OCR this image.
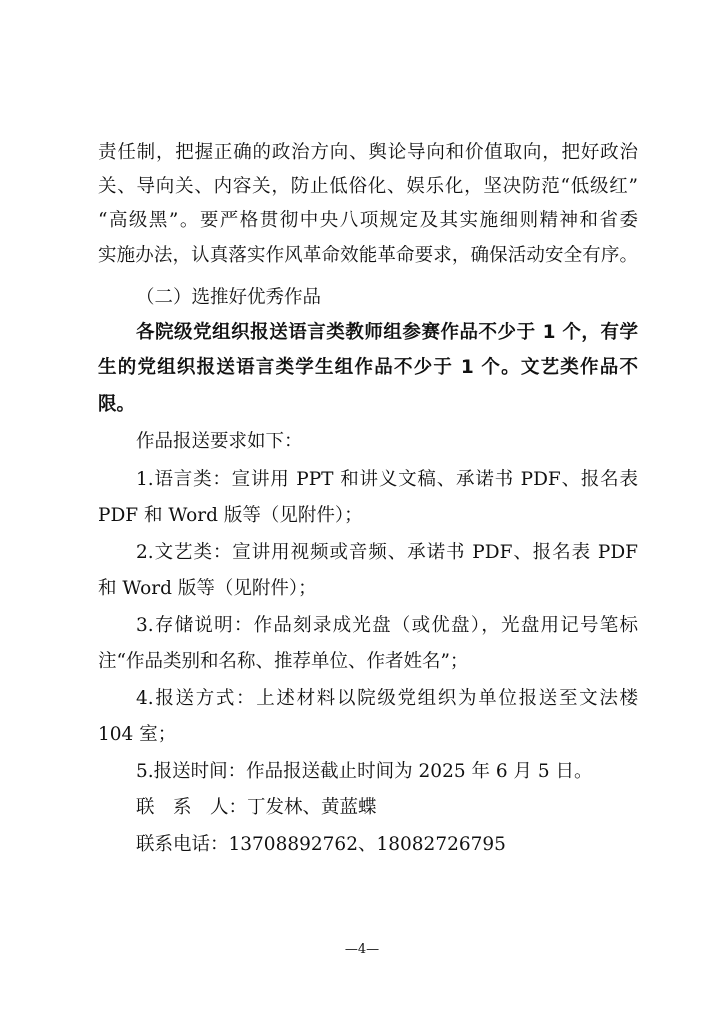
责任制，把握正确的政治方向、舆论导向和价值取向，把好政治
关、导向关、内容关，防止低俗化、娱乐化，坚决防范“低级红”
“高级黑”。要严格贯彻中央八项规定及其实施细则精神和省委
实施办法，认真落实作风革命效能革命要求，确保活动安全有序。
（二）选推好优秀作品
各院级党组织报送语言类教师组参赛作品不少于 1 个，有学
生的党组织报送语言类学生组作品不少于 1 个。文艺类作品不
限。
作品报送要求如下：
1.语言类：宣讲用 PPT 和讲义文稿、承诺书 PDF、报名表
PDF 和 Word 版等（见附件）；
2.文艺类：宣讲用视频或音频、承诺书 PDF、报名表 PDF
和 Word 版等（见附件）；
3.存储说明：作品刻录成光盘（或优盘），光盘用记号笔标
注“作品类别和名称、推荐单位、作者姓名”；
4.报送方式：上述材料以院级党组织为单位报送至文法楼
104 室；
5.报送时间：作品报送截止时间为 2025 年 6 月 5 日。
联　系　人：丁发林、黄蓝蝶
联系电话：13708892762、18082726795
—4—
